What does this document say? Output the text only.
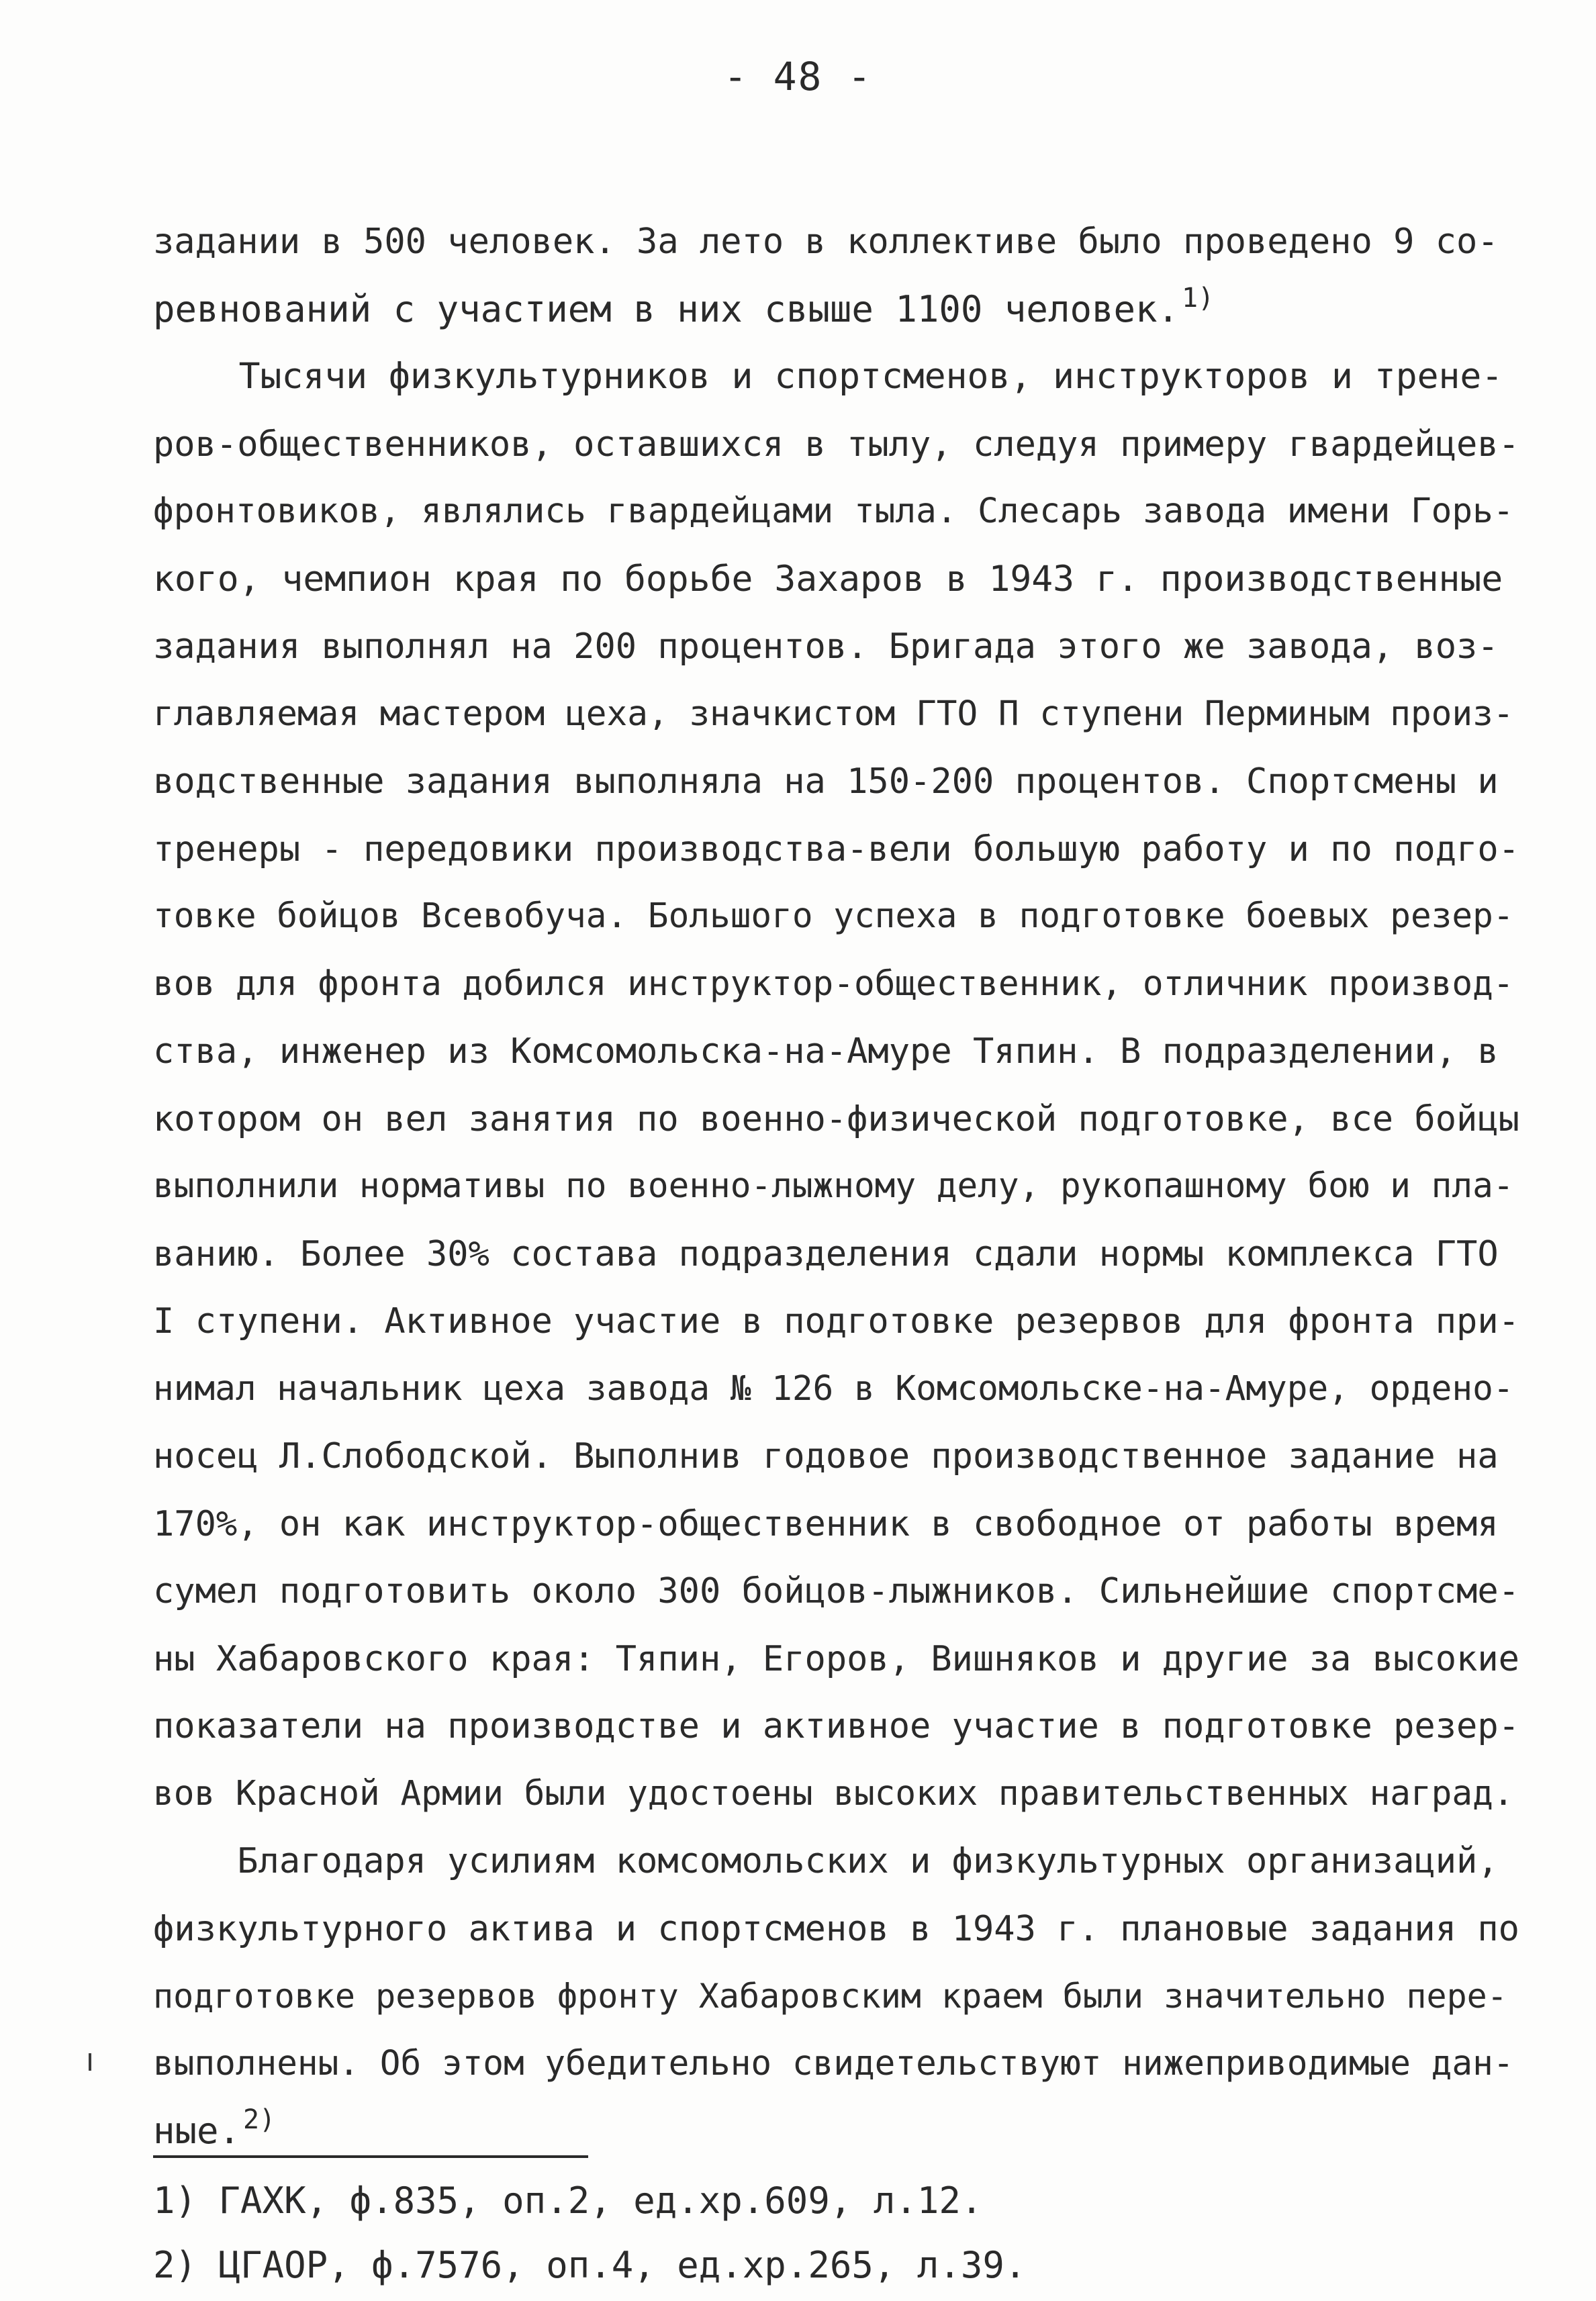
- 48 -
задании в 500 человек. За лето в коллективе было проведено 9 со-
ревнований с участием в них свыше 1100 человек. $^{1)}$
Тысячи физкультурников и спортсменов, инструкторов и трене-
ров-общественников, оставшихся в тылу, следуя примеру гвардейцев-
фронтовиков, являлись гвардейцами тыла. Слесарь завода имени Горь-
кого, чемпион края по борьбе Захаров в 1943 г. производственные
задания выполнял на 200 процентов. Бригада этого же завода, воз-
главляемая мастером цеха, значкистом ГТО П ступени Перминым произ-
водственные задания выполняла на 150-200 процентов. Спортсмены и
тренеры - передовики производства-вели большую работу и по подго-
товке бойцов Всевобуча. Большого успеха в подготовке боевых резер-
вов для фронта добился инструктор-общественник, отличник производ-
ства, инженер из Комсомольска-на-Амуре Тяпин. В подразделении, в
котором он вел занятия по военно-физической подготовке, все бойцы
выполнили нормативы по военно-лыжному делу, рукопашному бою и пла-
ванию. Более 30% состава подразделения сдали нормы комплекса ГТО
I ступени. Активное участие в подготовке резервов для фронта при-
нимал начальник цеха завода № 126 в Комсомольске-на-Амуре, ордено-
носец Л.Слободской. Выполнив годовое производственное задание на
170%, он как инструктор-общественник в свободное от работы время
сумел подготовить около 300 бойцов-лыжников. Сильнейшие спортсме-
ны Хабаровского края: Тяпин, Егоров, Вишняков и другие за высокие
показатели на производстве и активное участие в подготовке резер-
вов Красной Армии были удостоены высоких правительственных наград.
Благодаря усилиям комсомольских и физкультурных организаций,
физкультурного актива и спортсменов в 1943 г. плановые задания по
подготовке резервов фронту Хабаровским краем были значительно пере-
выполнены. Об этом убедительно свидетельствуют нижеприводимые дан-
ные. $^{2)}$
1) ГАХК, ф.835, оп.2, ед.хр.609, л.12.
2) ЦГАОР, ф.7576, оп.4, ед.хр.265, л.39.
